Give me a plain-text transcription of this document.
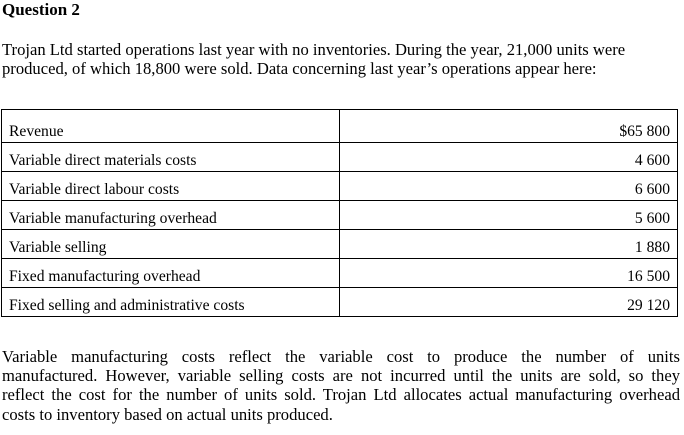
Question 2
Trojan Ltd started operations last year with no inventories. During the year, 21,000 units were
produced, of which 18,800 were sold. Data concerning last year’s operations appear here:
Revenue	$65 800
Variable direct materials costs	4 600
Variable direct labour costs	6 600
Variable manufacturing overhead	5 600
Variable selling	1 880
Fixed manufacturing overhead	16 500
Fixed selling and administrative costs	29 120
Variable manufacturing costs reflect the variable cost to produce the number of units
manufactured. However, variable selling costs are not incurred until the units are sold, so they
reflect the cost for the number of units sold. Trojan Ltd allocates actual manufacturing overhead
costs to inventory based on actual units produced.
